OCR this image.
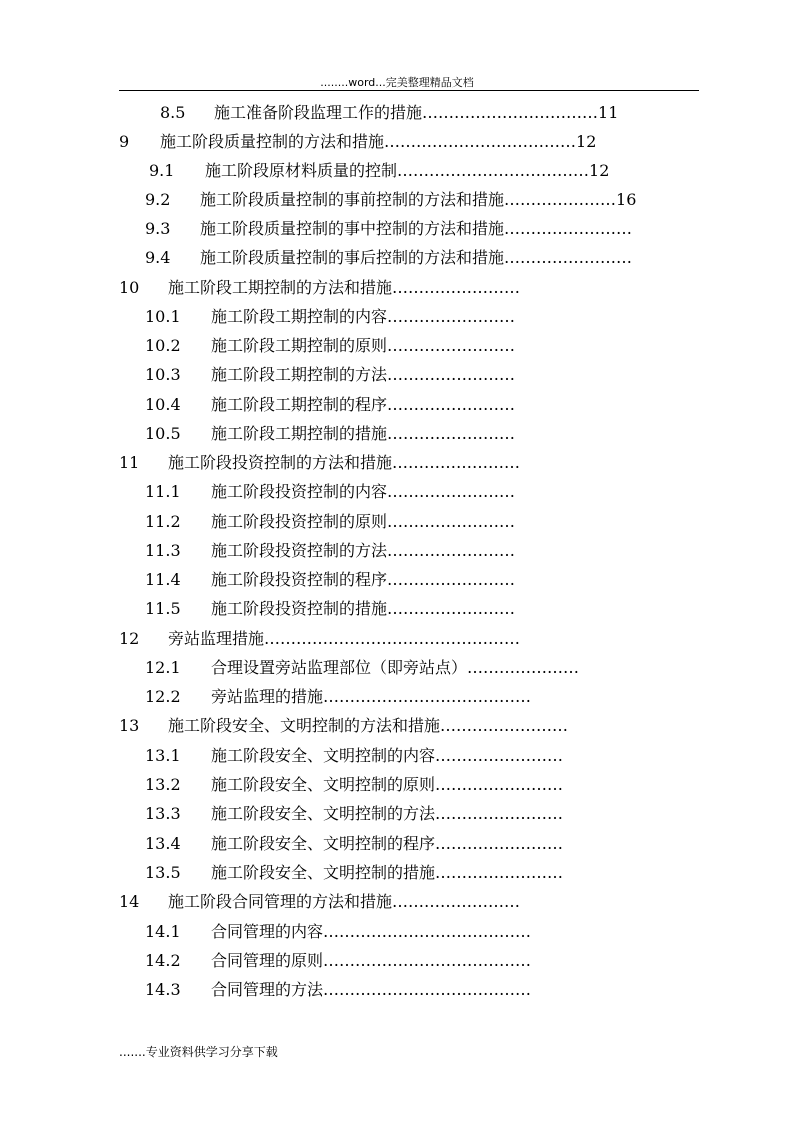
........word...完美整理精品文档
8.5 施工准备阶段监理工作的措施……………………………11
9 施工阶段质量控制的方法和措施………………………………12
9.1 施工阶段原材料质量的控制………………………………12
9.2 施工阶段质量控制的事前控制的方法和措施…………………16
9.3 施工阶段质量控制的事中控制的方法和措施……………………
9.4 施工阶段质量控制的事后控制的方法和措施……………………
10 施工阶段工期控制的方法和措施……………………
10.1 施工阶段工期控制的内容……………………
10.2 施工阶段工期控制的原则……………………
10.3 施工阶段工期控制的方法……………………
10.4 施工阶段工期控制的程序……………………
10.5 施工阶段工期控制的措施……………………
11 施工阶段投资控制的方法和措施……………………
11.1 施工阶段投资控制的内容……………………
11.2 施工阶段投资控制的原则……………………
11.3 施工阶段投资控制的方法……………………
11.4 施工阶段投资控制的程序……………………
11.5 施工阶段投资控制的措施……………………
12 旁站监理措施…………………………………………
12.1 合理设置旁站监理部位（即旁站点）…………………
12.2 旁站监理的措施…………………………………
13 施工阶段安全、文明控制的方法和措施……………………
13.1 施工阶段安全、文明控制的内容……………………
13.2 施工阶段安全、文明控制的原则……………………
13.3 施工阶段安全、文明控制的方法……………………
13.4 施工阶段安全、文明控制的程序……………………
13.5 施工阶段安全、文明控制的措施……………………
14 施工阶段合同管理的方法和措施……………………
14.1 合同管理的内容…………………………………
14.2 合同管理的原则…………………………………
14.3 合同管理的方法…………………………………
.......专业资料供学习分享下载
